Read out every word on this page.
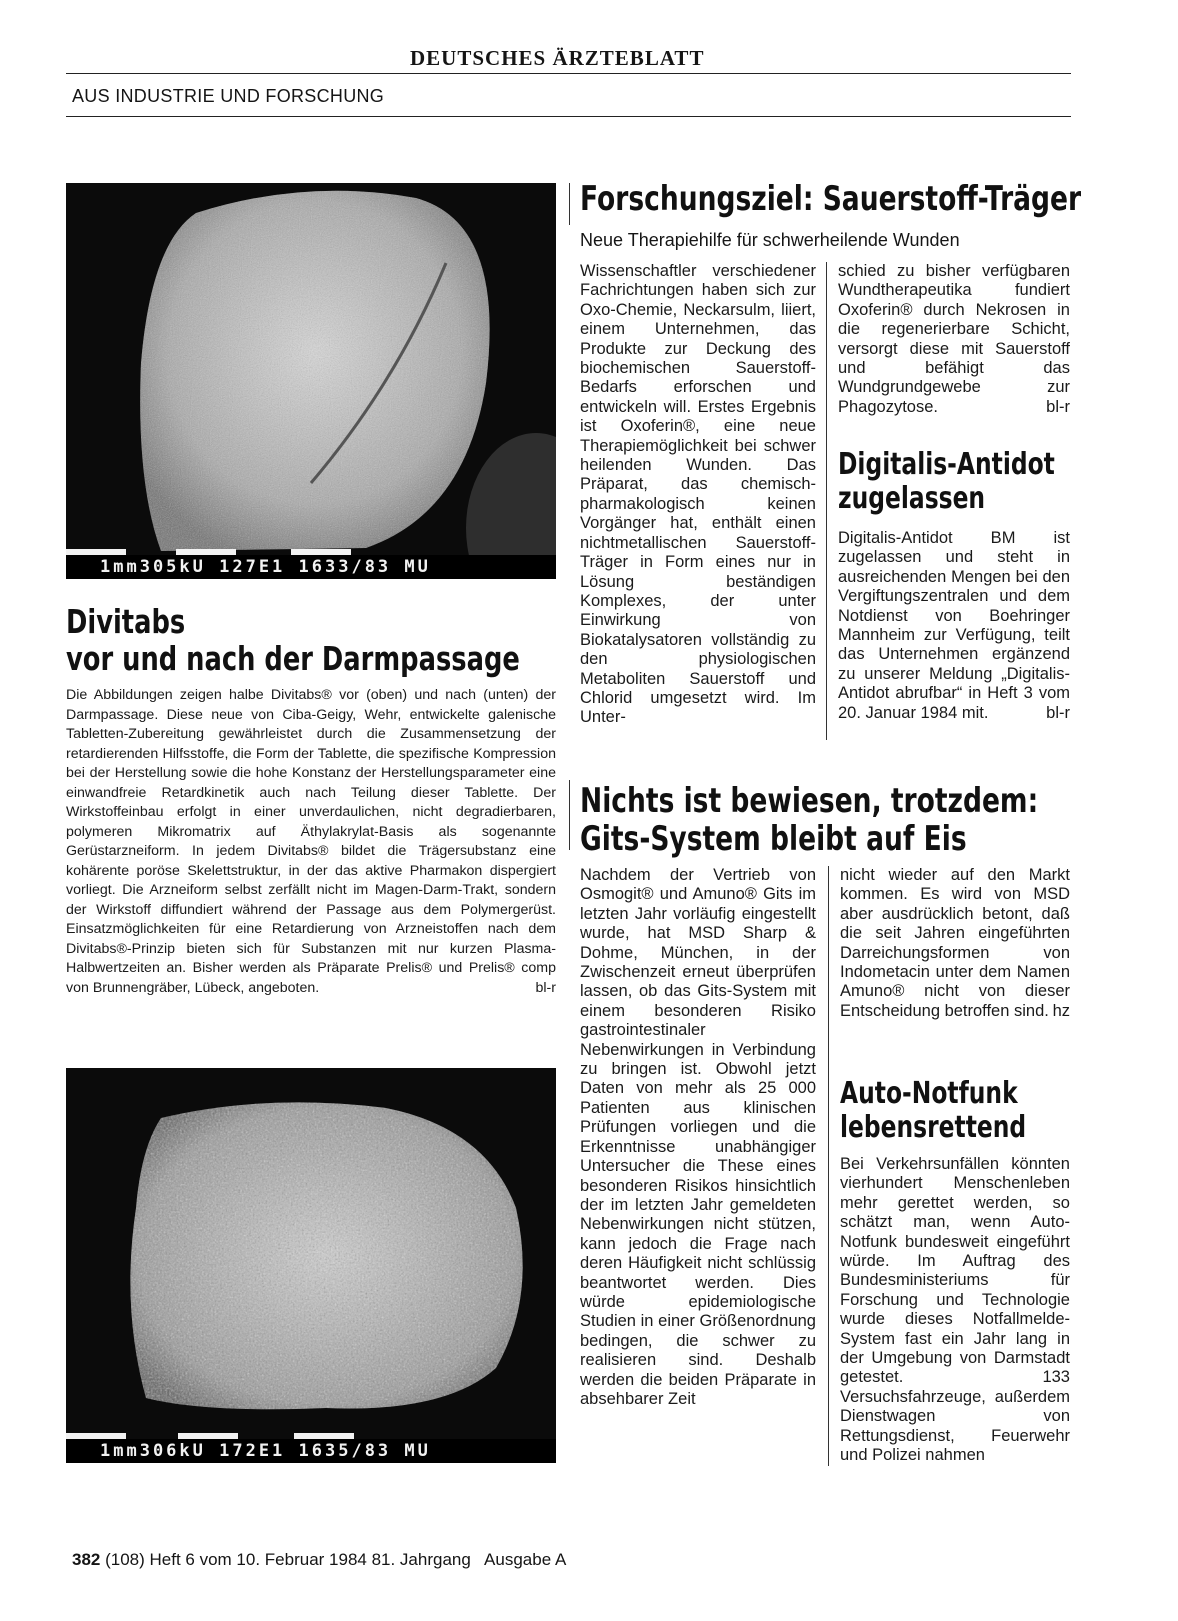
DEUTSCHES ÄRZTEBLATT
AUS INDUSTRIE UND FORSCHUNG
1mm305kU 127E1 1633/83 MU
Divitabs
vor und nach der Darmpassage
Die Abbildungen zeigen halbe Divitabs® vor (oben) und nach (unten) der Darmpassage. Diese neue von Ciba-Geigy, Wehr, entwickelte galenische Tabletten-Zubereitung gewährleistet durch die Zusammensetzung der retardierenden Hilfsstoffe, die Form der Tablette, die spezifische Kompression bei der Herstellung sowie die hohe Konstanz der Herstellungsparameter eine einwandfreie Retardkinetik auch nach Teilung dieser Tablette. Der Wirkstoffeinbau erfolgt in einer unverdaulichen, nicht degradierbaren, polymeren Mikromatrix auf Äthylakrylat-Basis als sogenannte Gerüstarzneiform. In jedem Divitabs® bildet die Trägersubstanz eine kohärente poröse Skelettstruktur, in der das aktive Pharmakon dispergiert vorliegt. Die Arzneiform selbst zerfällt nicht im Magen-Darm-Trakt, sondern der Wirkstoff diffundiert während der Passage aus dem Polymergerüst. Einsatzmöglichkeiten für eine Retardierung von Arzneistoffen nach dem Divitabs®-Prinzip bieten sich für Substanzen mit nur kurzen Plasma-Halbwertzeiten an. Bisher werden als Präparate Prelis® und Prelis® comp von Brunnengräber, Lübeck, angeboten.	bl-r
1mm306kU 172E1 1635/83 MU
Forschungsziel: Sauerstoff-Träger
Neue Therapiehilfe für schwerheilende Wunden
Wissenschaftler verschiedener Fachrichtungen haben sich zur Oxo-Chemie, Neckarsulm, liiert, einem Unternehmen, das Produkte zur Deckung des biochemischen Sauerstoff-Bedarfs erforschen und entwickeln will. Erstes Ergebnis ist Oxoferin®, eine neue Therapiemöglichkeit bei schwer heilenden Wunden. Das Präparat, das chemisch-pharmakologisch keinen Vorgänger hat, enthält einen nichtmetallischen Sauerstoff-Träger in Form eines nur in Lösung beständigen Komplexes, der unter Einwirkung von Biokatalysatoren vollständig zu den physiologischen Metaboliten Sauerstoff und Chlorid umgesetzt wird. Im Unter-
schied zu bisher verfügbaren Wundtherapeutika fundiert Oxoferin® durch Nekrosen in die regenerierbare Schicht, versorgt diese mit Sauerstoff und befähigt das Wundgrundgewebe zur Phagozytose.	bl-r
Digitalis-Antidot
zugelassen
Digitalis-Antidot BM ist zugelassen und steht in ausreichenden Mengen bei den Vergiftungszentralen und dem Notdienst von Boehringer Mannheim zur Verfügung, teilt das Unternehmen ergänzend zu unserer Meldung „Digitalis-Antidot abrufbar“ in Heft 3 vom 20. Januar 1984 mit.	bl-r
Nichts ist bewiesen, trotzdem:
Gits-System bleibt auf Eis
Nachdem der Vertrieb von Osmogit® und Amuno® Gits im letzten Jahr vorläufig eingestellt wurde, hat MSD Sharp & Dohme, München, in der Zwischenzeit erneut überprüfen lassen, ob das Gits-System mit einem besonderen Risiko gastrointestinaler Nebenwirkungen in Verbindung zu bringen ist. Obwohl jetzt Daten von mehr als 25 000 Patienten aus klinischen Prüfungen vorliegen und die Erkenntnisse unabhängiger Untersucher die These eines besonderen Risikos hinsichtlich der im letzten Jahr gemeldeten Nebenwirkungen nicht stützen, kann jedoch die Frage nach deren Häufigkeit nicht schlüssig beantwortet werden. Dies würde epidemiologische Studien in einer Größenordnung bedingen, die schwer zu realisieren sind. Deshalb werden die beiden Präparate in absehbarer Zeit
nicht wieder auf den Markt kommen. Es wird von MSD aber ausdrücklich betont, daß die seit Jahren eingeführten Darreichungsformen von Indometacin unter dem Namen Amuno® nicht von dieser Entscheidung betroffen sind. hz
Auto-Notfunk
lebensrettend
Bei Verkehrsunfällen könnten vierhundert Menschenleben mehr gerettet werden, so schätzt man, wenn Auto-Notfunk bundesweit eingeführt würde. Im Auftrag des Bundesministeriums für Forschung und Technologie wurde dieses Notfallmelde-System fast ein Jahr lang in der Umgebung von Darmstadt getestet. 133 Versuchsfahrzeuge, außerdem Dienstwagen von Rettungsdienst, Feuerwehr und Polizei nahmen
382 (108) Heft 6 vom 10. Februar 1984 81. Jahrgang   Ausgabe A
